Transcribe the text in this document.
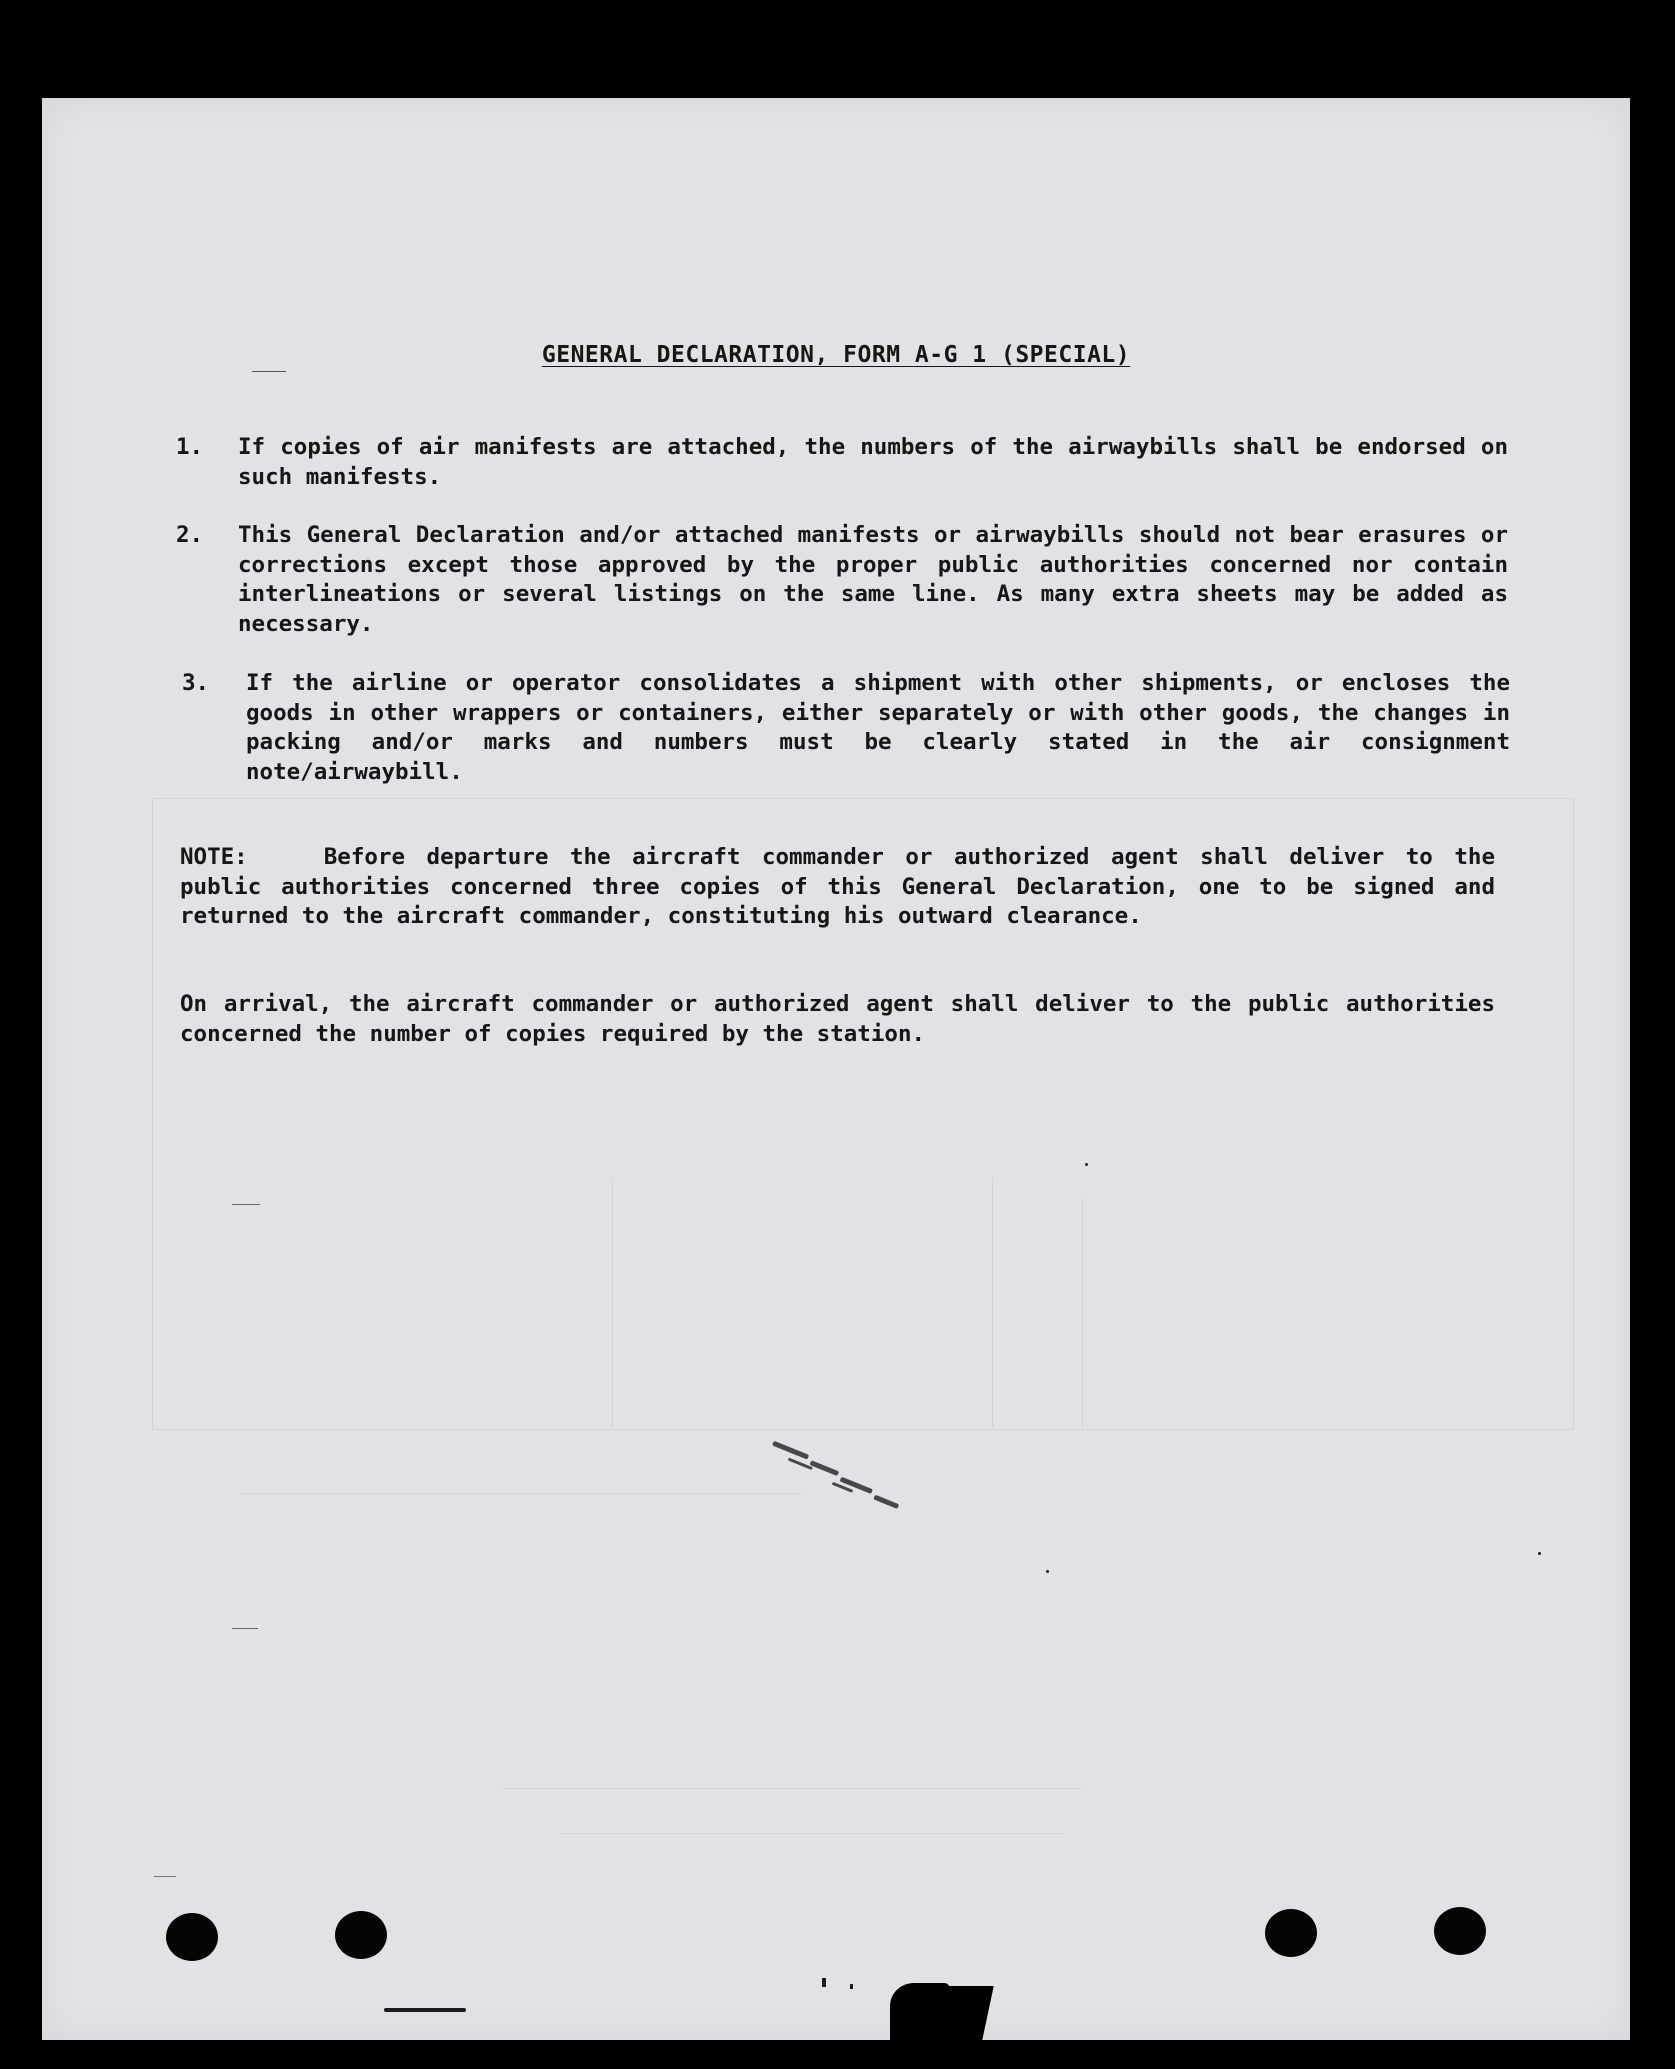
GENERAL DECLARATION, FORM A-G 1 (SPECIAL)
1. If copies of air manifests are attached, the numbers of the airwaybills shall be endorsed on such manifests.
2. This General Declaration and/or attached manifests or airwaybills should not bear erasures or corrections except those approved by the proper public authorities concerned nor contain interlineations or several listings on the same line. As many extra sheets may be added as necessary.
3. If the airline or operator consolidates a shipment with other shipments, or encloses the goods in other wrappers or containers, either separately or with other goods, the changes in packing and/or marks and numbers must be clearly stated in the air consignment note/airwaybill.
NOTE:	Before departure the aircraft commander or authorized agent shall deliver to the public authorities concerned three copies of this General Declaration, one to be signed and returned to the aircraft commander, constituting his outward clearance.
On arrival, the aircraft commander or authorized agent shall deliver to the public authorities concerned the number of copies required by the station.
